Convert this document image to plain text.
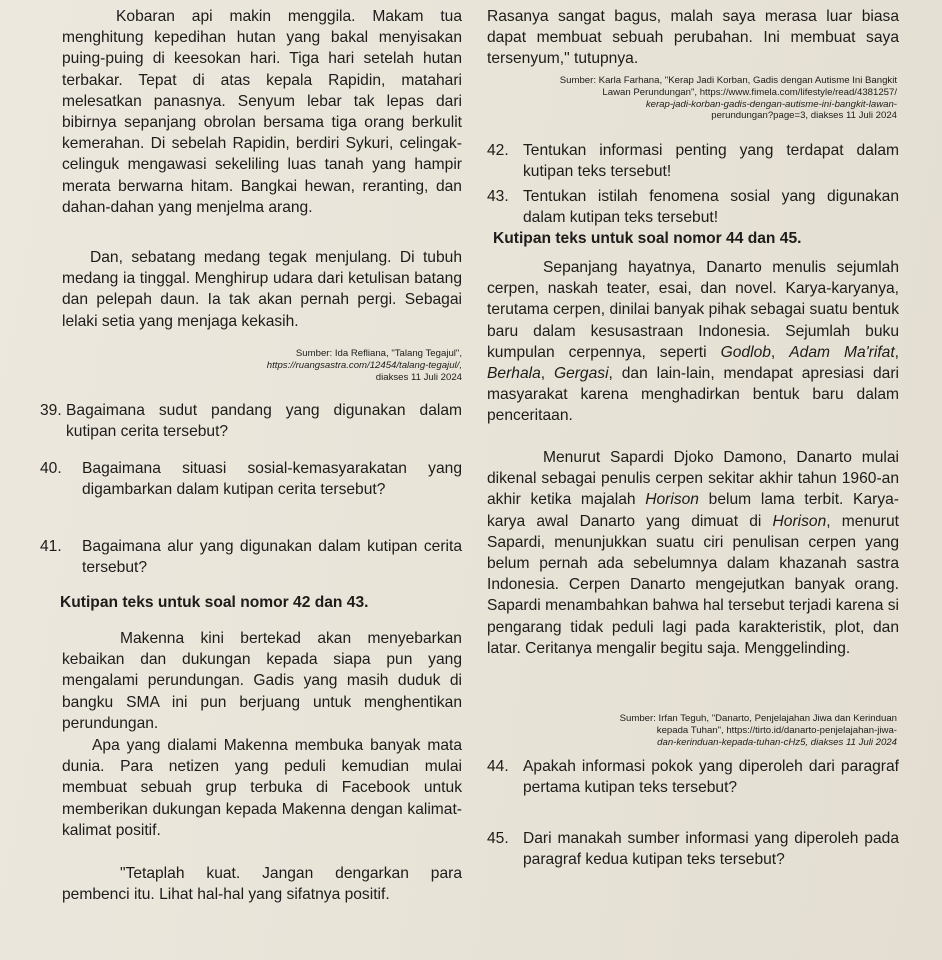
Kobaran api makin menggila. Makam tua menghitung kepedihan hutan yang bakal menyisakan puing-puing di keesokan hari. Tiga hari setelah hutan terbakar. Tepat di atas kepala Rapidin, matahari melesatkan panasnya. Senyum lebar tak lepas dari bibirnya sepanjang obrolan bersama tiga orang berkulit kemerahan. Di sebelah Rapidin, berdiri Sykuri, celingak-celinguk mengawasi sekeliling luas tanah yang hampir merata berwarna hitam. Bangkai hewan, reranting, dan dahan-dahan yang menjelma arang.

Dan, sebatang medang tegak menjulang. Di tubuh medang ia tinggal. Menghirup udara dari ketulisan batang dan pelepah daun. Ia tak akan pernah pergi. Sebagai lelaki setia yang menjaga kekasih.

Sumber: Ida Refliana, "Talang Tegajul",
https://ruangsastra.com/12454/talang-tegajul/,
diakses 11 Juli 2024
39. Bagaimana sudut pandang yang digunakan dalam kutipan cerita tersebut?
40.	Bagaimana situasi sosial-kemasyarakatan yang digambarkan dalam kutipan cerita tersebut?
41.	Bagaimana alur yang digunakan dalam kutipan cerita tersebut?
Kutipan teks untuk soal nomor 42 dan 43.

Makenna kini bertekad akan menyebarkan kebaikan dan dukungan kepada siapa pun yang mengalami perundungan. Gadis yang masih duduk di bangku SMA ini pun berjuang untuk menghentikan perundungan.

Apa yang dialami Makenna membuka banyak mata dunia. Para netizen yang peduli kemudian mulai membuat sebuah grup terbuka di Facebook untuk memberikan dukungan kepada Makenna dengan kalimat-kalimat positif.

"Tetaplah kuat. Jangan dengarkan para pembenci itu. Lihat hal-hal yang sifatnya positif.

Rasanya sangat bagus, malah saya merasa luar biasa dapat membuat sebuah perubahan. Ini membuat saya tersenyum," tutupnya.

Sumber: Karla Farhana, "Kerap Jadi Korban, Gadis dengan Autisme Ini Bangkit
Lawan Perundungan", https://www.fimela.com/lifestyle/read/4381257/
kerap-jadi-korban-gadis-dengan-autisme-ini-bangkit-lawan-
perundungan?page=3, diakses 11 Juli 2024
42. Tentukan informasi penting yang terdapat dalam kutipan teks tersebut!
43. Tentukan istilah fenomena sosial yang digunakan dalam kutipan teks tersebut!
Kutipan teks untuk soal nomor 44 dan 45.

Sepanjang hayatnya, Danarto menulis sejumlah cerpen, naskah teater, esai, dan novel. Karya-karyanya, terutama cerpen, dinilai banyak pihak sebagai suatu bentuk baru dalam kesusastraan Indonesia. Sejumlah buku kumpulan cerpennya, seperti Godlob, Adam Ma'rifat, Berhala, Gergasi, dan lain-lain, mendapat apresiasi dari masyarakat karena menghadirkan bentuk baru dalam penceritaan.

Menurut Sapardi Djoko Damono, Danarto mulai dikenal sebagai penulis cerpen sekitar akhir tahun 1960-an akhir ketika majalah Horison belum lama terbit. Karya-karya awal Danarto yang dimuat di Horison, menurut Sapardi, menunjukkan suatu ciri penulisan cerpen yang belum pernah ada sebelumnya dalam khazanah sastra Indonesia. Cerpen Danarto mengejutkan banyak orang. Sapardi menambahkan bahwa hal tersebut terjadi karena si pengarang tidak peduli lagi pada karakteristik, plot, dan latar. Ceritanya mengalir begitu saja. Menggelinding.

Sumber: Irfan Teguh, "Danarto, Penjelajahan Jiwa dan Kerinduan
kepada Tuhan", https://tirto.id/danarto-penjelajahan-jiwa-
dan-kerinduan-kepada-tuhan-cHz5, diakses 11 Juli 2024
44. Apakah informasi pokok yang diperoleh dari paragraf pertama kutipan teks tersebut?
45. Dari manakah sumber informasi yang diperoleh pada paragraf kedua kutipan teks tersebut?
